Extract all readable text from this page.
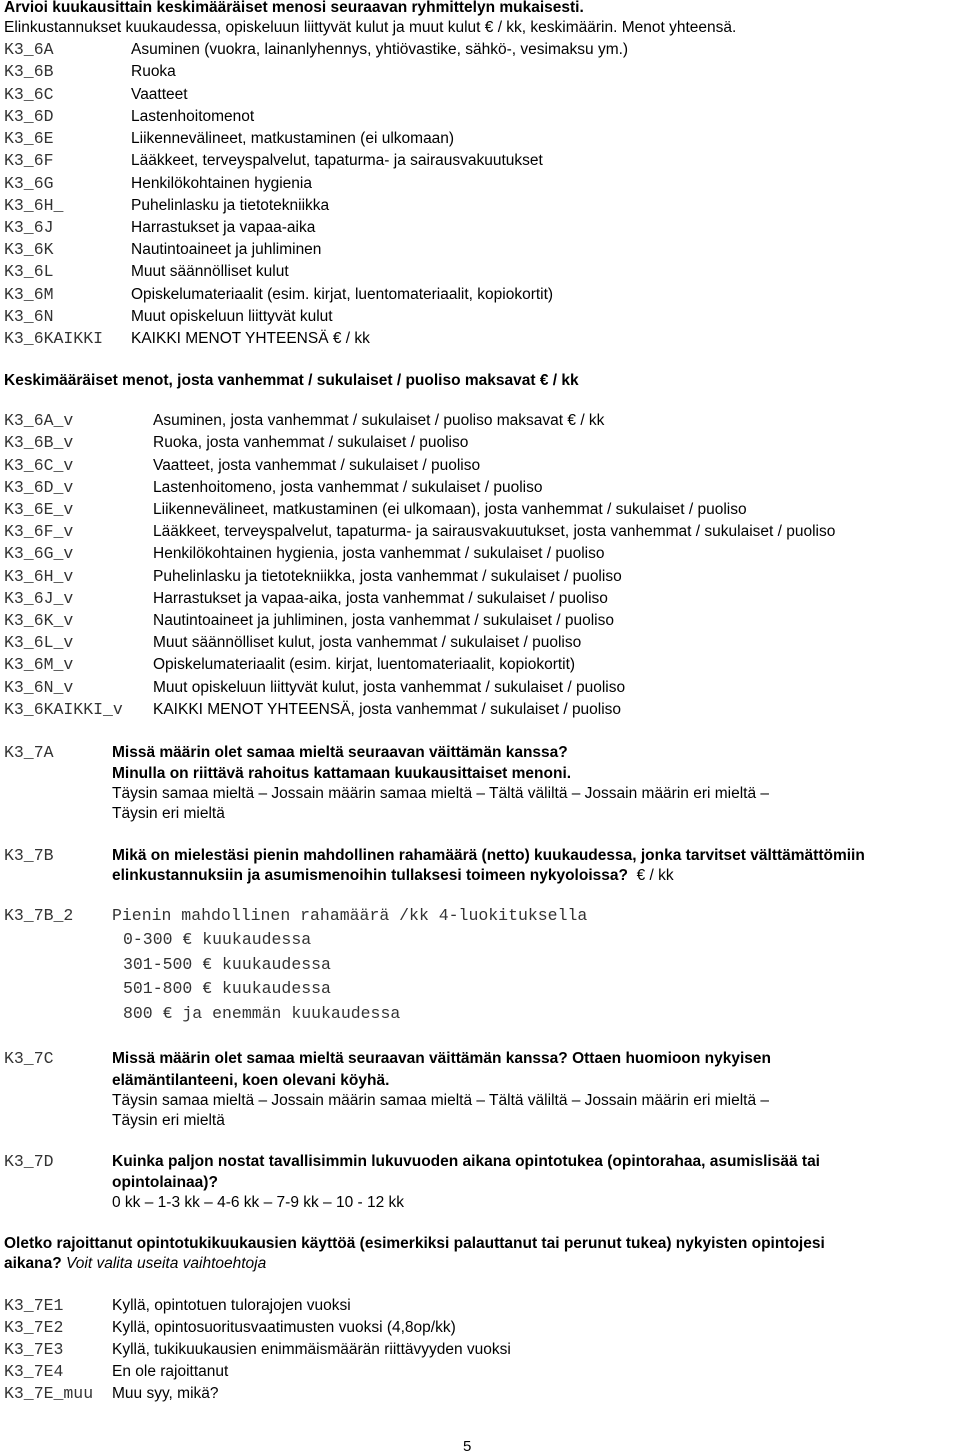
Arvioi kuukausittain keskimääräiset menosi seuraavan ryhmittelyn mukaisesti.
Elinkustannukset kuukaudessa, opiskeluun liittyvät kulut ja muut kulut € / kk, keskimäärin. Menot yhteensä.
K3_6A	Asuminen (vuokra, lainanlyhennys, yhtiövastike, sähkö-, vesimaksu ym.)
K3_6B	Ruoka
K3_6C	Vaatteet
K3_6D	Lastenhoitomenot
K3_6E	Liikennevälineet, matkustaminen (ei ulkomaan)
K3_6F	Lääkkeet, terveyspalvelut, tapaturma- ja sairausvakuutukset
K3_6G	Henkilökohtainen hygienia
K3_6H_	Puhelinlasku ja tietotekniikka
K3_6J	Harrastukset ja vapaa-aika
K3_6K	Nautintoaineet ja juhliminen
K3_6L	Muut säännölliset kulut
K3_6M	Opiskelumateriaalit (esim. kirjat, luentomateriaalit, kopiokortit)
K3_6N	Muut opiskeluun liittyvät kulut
K3_6KAIKKI KAIKKI MENOT YHTEENSÄ € / kk
Keskimääräiset menot, josta vanhemmat / sukulaiset / puoliso maksavat € / kk
K3_6A_v	Asuminen, josta vanhemmat / sukulaiset / puoliso maksavat € / kk
K3_6B_v	Ruoka, josta vanhemmat / sukulaiset / puoliso
K3_6C_v	Vaatteet, josta vanhemmat / sukulaiset / puoliso
K3_6D_v	Lastenhoitomeno, josta vanhemmat / sukulaiset / puoliso
K3_6E_v	Liikennevälineet, matkustaminen (ei ulkomaan), josta vanhemmat / sukulaiset / puoliso
K3_6F_v	Lääkkeet, terveyspalvelut, tapaturma- ja sairausvakuutukset, josta vanhemmat / sukulaiset / puoliso
K3_6G_v	Henkilökohtainen hygienia, josta vanhemmat / sukulaiset / puoliso
K3_6H_v	Puhelinlasku ja tietotekniikka, josta vanhemmat / sukulaiset / puoliso
K3_6J_v	Harrastukset ja vapaa-aika, josta vanhemmat / sukulaiset / puoliso
K3_6K_v	Nautintoaineet ja juhliminen, josta vanhemmat / sukulaiset / puoliso
K3_6L_v	Muut säännölliset kulut, josta vanhemmat / sukulaiset / puoliso
K3_6M_v	Opiskelumateriaalit (esim. kirjat, luentomateriaalit, kopiokortit)
K3_6N_v	Muut opiskeluun liittyvät kulut, josta vanhemmat / sukulaiset / puoliso
K3_6KAIKKI_v KAIKKI MENOT YHTEENSÄ, josta vanhemmat / sukulaiset / puoliso
K3_7A	Missä määrin olet samaa mieltä seuraavan väittämän kanssa?
Minulla on riittävä rahoitus kattamaan kuukausittaiset menoni.
Täysin samaa mieltä – Jossain määrin samaa mieltä – Tältä väliltä – Jossain määrin eri mieltä –
Täysin eri mieltä
K3_7B	Mikä on mielestäsi pienin mahdollinen rahamäärä (netto) kuukaudessa, jonka tarvitset välttämättömiin
elinkustannuksiin ja asumismenoihin tullaksesi toimeen nykyoloissa? € / kk
K3_7B_2 Pienin mahdollinen rahamäärä /kk 4-luokituksella
0-300 € kuukaudessa
301-500 € kuukaudessa
501-800 € kuukaudessa
800 € ja enemmän kuukaudessa
K3_7C	Missä määrin olet samaa mieltä seuraavan väittämän kanssa? Ottaen huomioon nykyisen
elämäntilanteeni, koen olevani köyhä.
Täysin samaa mieltä – Jossain määrin samaa mieltä – Tältä väliltä – Jossain määrin eri mieltä –
Täysin eri mieltä
K3_7D	Kuinka paljon nostat tavallisimmin lukuvuoden aikana opintotukea (opintorahaa, asumislisää tai
opintolainaa)?
0 kk – 1-3 kk – 4-6 kk – 7-9 kk – 10 - 12 kk
Oletko rajoittanut opintotukikuukausien käyttöä (esimerkiksi palauttanut tai perunut tukea) nykyisten opintojesi
aikana? Voit valita useita vaihtoehtoja
K3_7E1	Kyllä, opintotuen tulorajojen vuoksi
K3_7E2	Kyllä, opintosuoritusvaatimusten vuoksi (4,8op/kk)
K3_7E3	Kyllä, tukikuukausien enimmäismäärän riittävyyden vuoksi
K3_7E4	En ole rajoittanut
K3_7E_muu Muu syy, mikä?
5
